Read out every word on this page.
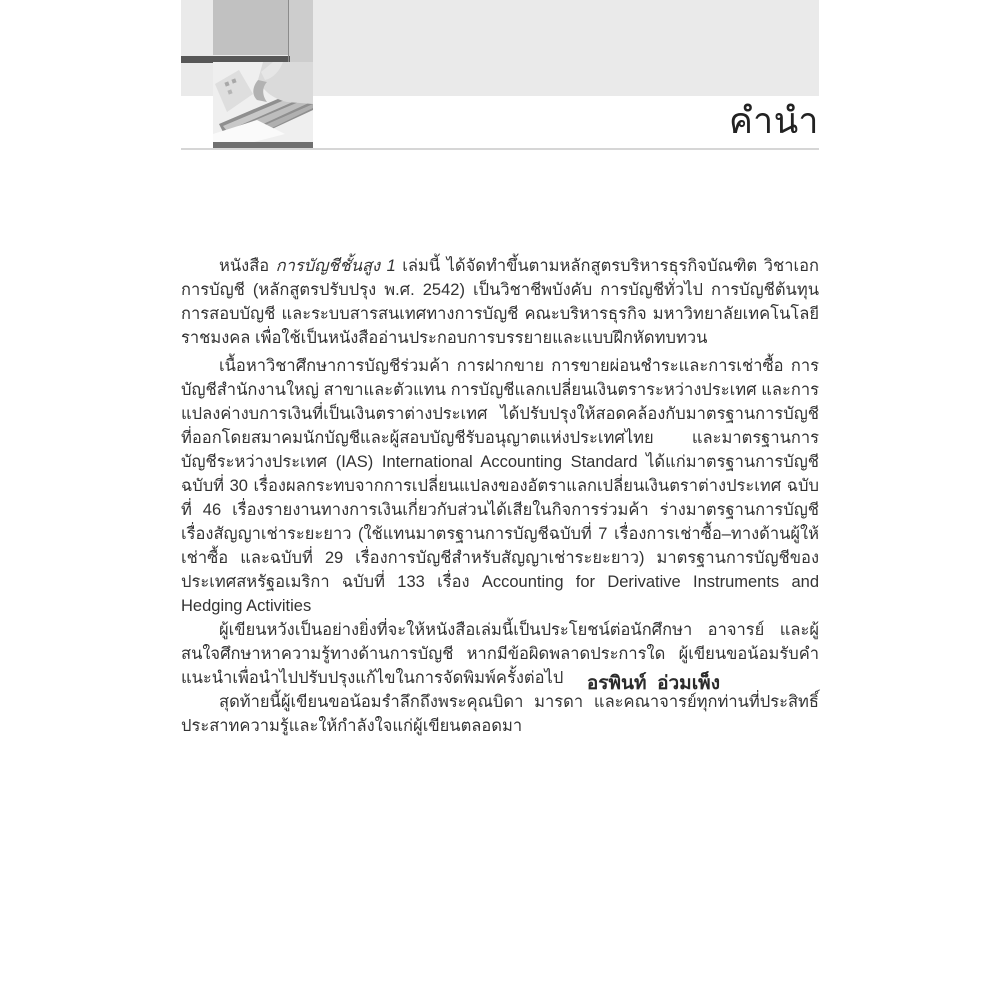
คำนำ

หนังสือ การบัญชีชั้นสูง 1 เล่มนี้ ได้จัดทำขึ้นตามหลักสูตรบริหารธุรกิจบัณฑิต วิชาเอกการบัญชี (หลักสูตรปรับปรุง พ.ศ. 2542) เป็นวิชาชีพบังคับ การบัญชีทั่วไป การบัญชีต้นทุน การสอบบัญชี และระบบสารสนเทศทางการบัญชี คณะบริหารธุรกิจ มหาวิทยาลัยเทคโนโลยีราชมงคล เพื่อใช้เป็นหนังสืออ่านประกอบการบรรยายและแบบฝึกหัดทบทวน

เนื้อหาวิชาศึกษาการบัญชีร่วมค้า การฝากขาย การขายผ่อนชำระและการเช่าซื้อ การบัญชีสำนักงานใหญ่ สาขาและตัวแทน การบัญชีแลกเปลี่ยนเงินตราระหว่างประเทศ และการแปลงค่างบการเงินที่เป็นเงินตราต่างประเทศ ได้ปรับปรุงให้สอดคล้องกับมาตรฐานการบัญชีที่ออกโดยสมาคมนักบัญชีและผู้สอบบัญชีรับอนุญาตแห่งประเทศไทย และมาตรฐานการบัญชีระหว่างประเทศ (IAS) International Accounting Standard ได้แก่มาตรฐานการบัญชีฉบับที่ 30 เรื่องผลกระทบจากการเปลี่ยนแปลงของอัตราแลกเปลี่ยนเงินตราต่างประเทศ ฉบับที่ 46 เรื่องรายงานทางการเงินเกี่ยวกับส่วนได้เสียในกิจการร่วมค้า ร่างมาตรฐานการบัญชี เรื่องสัญญาเช่าระยะยาว (ใช้แทนมาตรฐานการบัญชีฉบับที่ 7 เรื่องการเช่าซื้อ–ทางด้านผู้ให้เช่าซื้อ และฉบับที่ 29 เรื่องการบัญชีสำหรับสัญญาเช่าระยะยาว) มาตรฐานการบัญชีของประเทศสหรัฐอเมริกา ฉบับที่ 133 เรื่อง Accounting for Derivative Instruments and Hedging Activities

ผู้เขียนหวังเป็นอย่างยิ่งที่จะให้หนังสือเล่มนี้เป็นประโยชน์ต่อนักศึกษา อาจารย์ และผู้สนใจศึกษาหาความรู้ทางด้านการบัญชี หากมีข้อผิดพลาดประการใด ผู้เขียนขอน้อมรับคำแนะนำเพื่อนำไปปรับปรุงแก้ไขในการจัดพิมพ์ครั้งต่อไป

สุดท้ายนี้ผู้เขียนขอน้อมรำลึกถึงพระคุณบิดา มารดา และคณาจารย์ทุกท่านที่ประสิทธิ์ประสาทความรู้และให้กำลังใจแก่ผู้เขียนตลอดมา

อรพินท์  อ่วมเพ็ง
